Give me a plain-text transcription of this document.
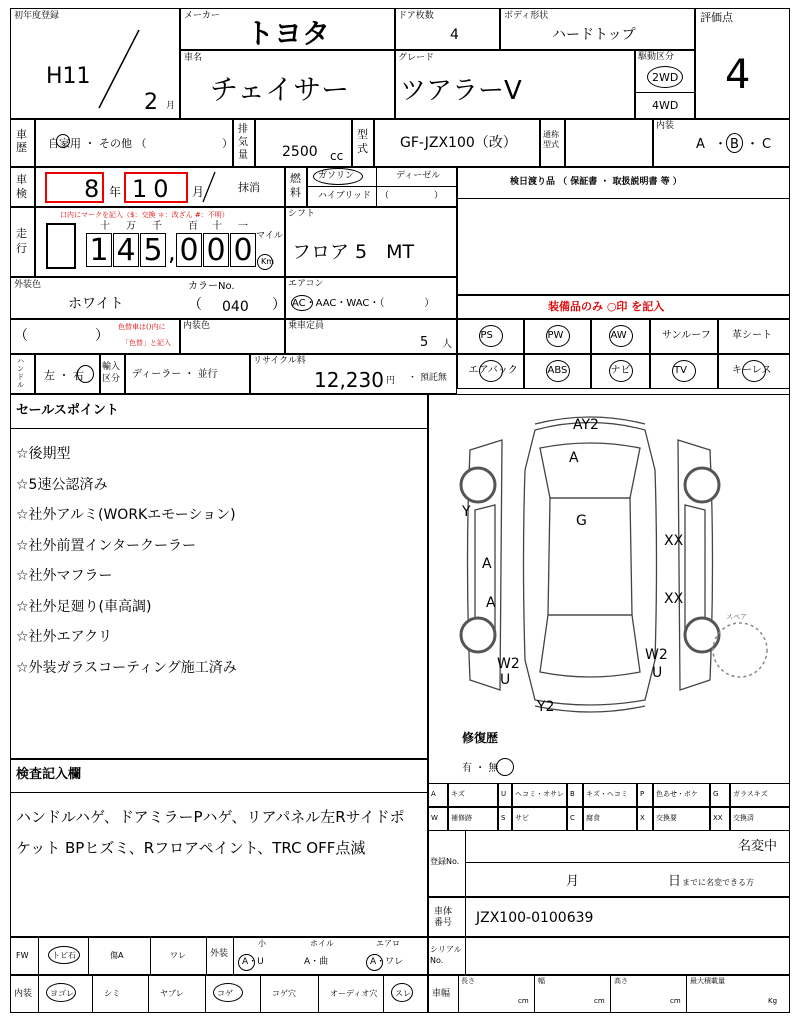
初年度登録
H11
2 月
メーカー
トヨタ
ドア枚数
4
ボディ形状
ハードトップ
評価点
4
車名
チェイサー
グレード
ツアラーV
駆動区分
2WD
4WD
車歴 自家用 ・ その他 （	）
排気量 2500 cc
型式 GF-JZX100（改）
通称型式
内装
A ・ B ・ C
車検 8 年 10 月	抹消
燃料
ガソリン	ディーゼル
ハイブリッド （　　　　　）
検日渡り品 （ 保証書 ・ 取扱説明書 等 ）
走行
口内にマークを記入（$：交換 ＊：改ざん #：不明）
十 万 千	百 十 一
1 4 5 , 0 0 0 マイル
Km
シフト
フロア 5　MT
外装色
ホワイト
カラーNo.
（ 040 ）
エアコン
AC・AAC・WAC・（　　　　）	装備品のみ ○印 を記入
（	）
色替車は()内に
「色替」と記入
内装色	乗車定員
5 人
PS	PW	AW	サンルーフ 革シート
エアバック	ABS	ナビ	TV	キーレス
ハンドル
左 ・ 右
輸入区分	ディーラー ・ 並行
リサイクル料
12,230 円 ・ 預託無
セールスポイント
☆後期型
☆5速公認済み
☆社外アルミ(WORKエモーション)
☆社外前置インタークーラー
☆社外マフラー
☆社外足廻り(車高調)
☆社外エアクリ
☆外装ガラスコーティング施工済み
スペア
AY2
A
G
Y
A
XX
A	XX
W2
U
W2
U
Y2
修復歴
有 ・ 無
A キズ	U ヘコミ・オサレ B キズ・ヘコミ P 色あせ・ボケ G ガラスキズ
W 補修跡	S サビ	C 腐食	X 交換要	XX 交換済
検査記入欄
ハンドルハゲ、ドアミラーPハゲ、リアパネル左Rサイドポケット BPヒズミ、Rフロアペイント、TRC OFF点滅
登録No.
名変中
月	日 までに名変できる方
車体番号	JZX100-0100639
FW	トビ石	傷A	ワレ	外装
小	ホイル	エアロ
A・U	A・曲	A・ワレ
シリアルNo.
ヨゴレ	シミ	ヤブレ	コゲ	コゲ穴	オーディオ穴 スレ
内装	車幅
長さ	幅	高さ	最大積載量
cm	cm	cm	Kg
